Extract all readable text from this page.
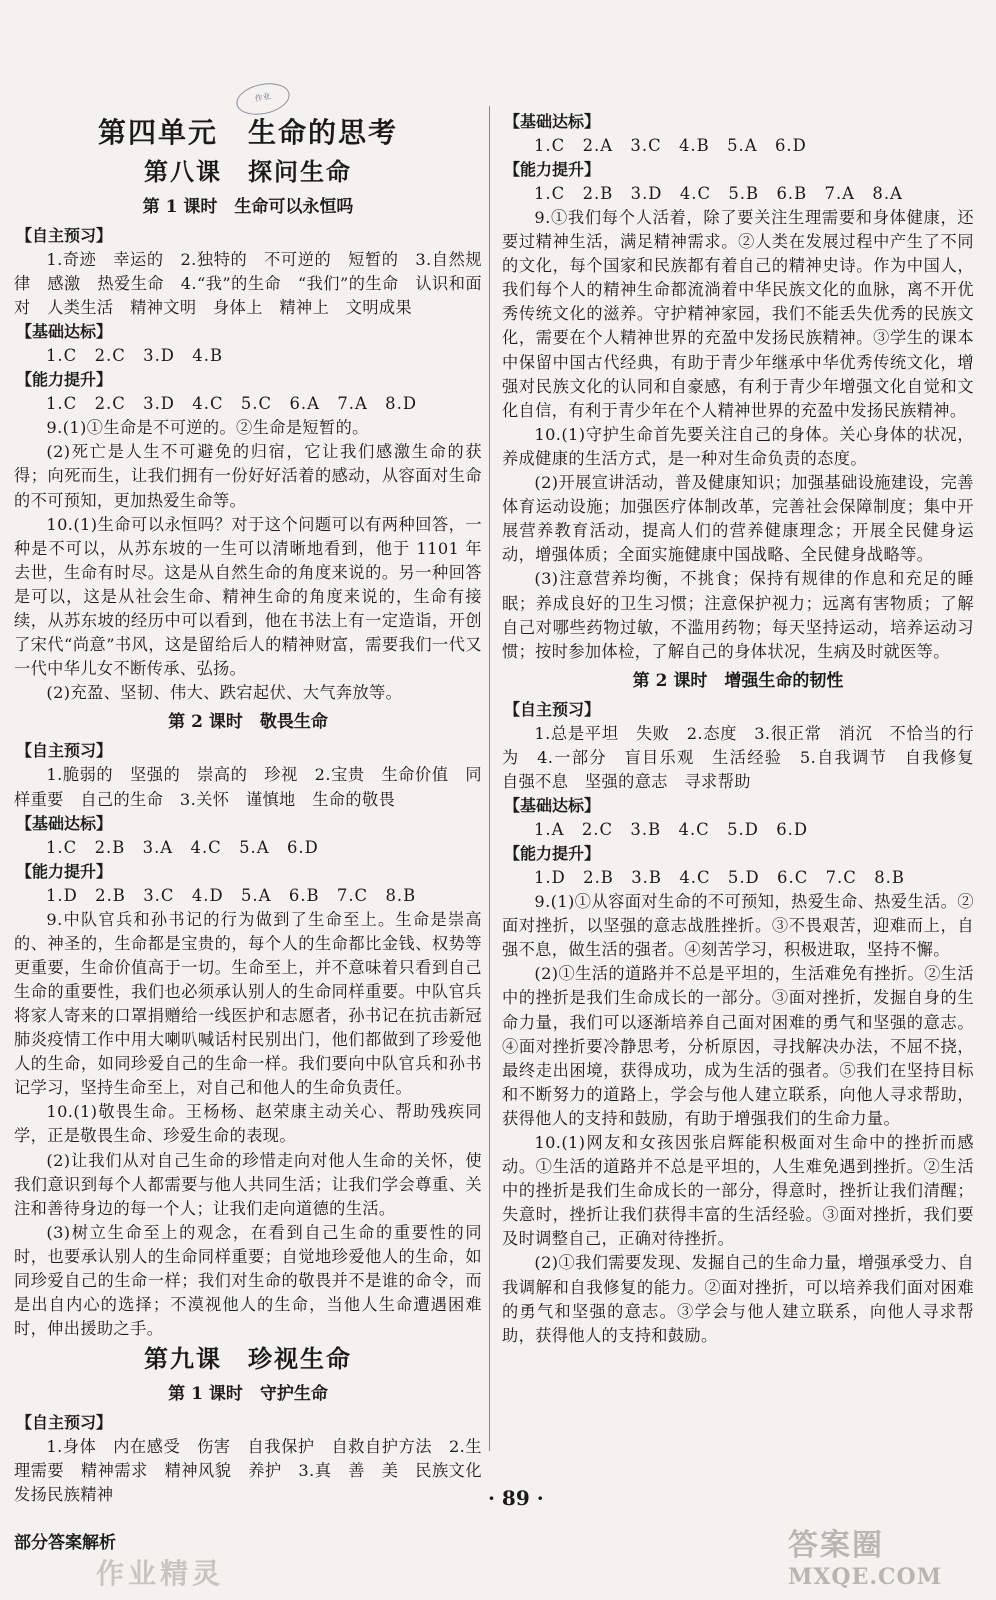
作业
第四单元　生命的思考
第八课　探问生命
第 1 课时　生命可以永恒吗
【自主预习】

1.奇迹　幸运的　2.独特的　不可逆的　短暂的　3.自然规律　感激　热爱生命　4.“我”的生命　“我们”的生命　认识和面对　人类生活　精神文明　身体上　精神上　文明成果

【基础达标】
1.C　2.C　3.D　4.B
【能力提升】
1.C　2.C　3.D　4.C　5.C　6.A　7.A　8.D

9.(1)①生命是不可逆的。②生命是短暂的。

(2)死亡是人生不可避免的归宿，它让我们感激生命的获得；向死而生，让我们拥有一份好好活着的感动，从容面对生命的不可预知，更加热爱生命等。

10.(1)生命可以永恒吗？对于这个问题可以有两种回答，一种是不可以，从苏东坡的一生可以清晰地看到，他于 1101 年去世，生命有时尽。这是从自然生命的角度来说的。另一种回答是可以，这是从社会生命、精神生命的角度来说的，生命有接续，从苏东坡的经历中可以看到，他在书法上有一定造诣，开创了宋代“尚意”书风，这是留给后人的精神财富，需要我们一代又一代中华儿女不断传承、弘扬。

(2)充盈、坚韧、伟大、跌宕起伏、大气奔放等。

第 2 课时　敬畏生命
【自主预习】

1.脆弱的　坚强的　崇高的　珍视　2.宝贵　生命价值　同样重要　自己的生命　3.关怀　谨慎地　生命的敬畏

【基础达标】
1.C　2.B　3.A　4.C　5.A　6.D
【能力提升】
1.D　2.B　3.C　4.D　5.A　6.B　7.C　8.B

9.中队官兵和孙书记的行为做到了生命至上。生命是崇高的、神圣的，生命都是宝贵的，每个人的生命都比金钱、权势等更重要，生命价值高于一切。生命至上，并不意味着只看到自己生命的重要性，我们也必须承认别人的生命同样重要。中队官兵将家人寄来的口罩捐赠给一线医护和志愿者，孙书记在抗击新冠肺炎疫情工作中用大喇叭喊话村民别出门，他们都做到了珍爱他人的生命，如同珍爱自己的生命一样。我们要向中队官兵和孙书记学习，坚持生命至上，对自己和他人的生命负责任。

10.(1)敬畏生命。王杨杨、赵荣康主动关心、帮助残疾同学，正是敬畏生命、珍爱生命的表现。

(2)让我们从对自己生命的珍惜走向对他人生命的关怀，使我们意识到每个人都需要与他人共同生活；让我们学会尊重、关注和善待身边的每一个人；让我们走向道德的生活。

(3)树立生命至上的观念，在看到自己生命的重要性的同时，也要承认别人的生命同样重要；自觉地珍爱他人的生命，如同珍爱自己的生命一样；我们对生命的敬畏并不是谁的命令，而是出自内心的选择；不漠视他人的生命，当他人生命遭遇困难时，伸出援助之手。

第九课　珍视生命
第 1 课时　守护生命
【自主预习】

1.身体　内在感受　伤害　自我保护　自救自护方法　2.生理需要　精神需求　精神风貌　养护　3.真　善　美　民族文化　发扬民族精神

【基础达标】
1.C　2.A　3.C　4.B　5.A　6.D
【能力提升】
1.C　2.B　3.D　4.C　5.B　6.B　7.A　8.A

9.①我们每个人活着，除了要关注生理需要和身体健康，还要过精神生活，满足精神需求。②人类在发展过程中产生了不同的文化，每个国家和民族都有着自己的精神史诗。作为中国人，我们每个人的精神生命都流淌着中华民族文化的血脉，离不开优秀传统文化的滋养。守护精神家园，我们不能丢失优秀的民族文化，需要在个人精神世界的充盈中发扬民族精神。③学生的课本中保留中国古代经典，有助于青少年继承中华优秀传统文化，增强对民族文化的认同和自豪感，有利于青少年增强文化自觉和文化自信，有利于青少年在个人精神世界的充盈中发扬民族精神。

10.(1)守护生命首先要关注自己的身体。关心身体的状况，养成健康的生活方式，是一种对生命负责的态度。

(2)开展宣讲活动，普及健康知识；加强基础设施建设，完善体育运动设施；加强医疗体制改革，完善社会保障制度；集中开展营养教育活动，提高人们的营养健康理念；开展全民健身运动，增强体质；全面实施健康中国战略、全民健身战略等。

(3)注意营养均衡，不挑食；保持有规律的作息和充足的睡眠；养成良好的卫生习惯；注意保护视力；远离有害物质；了解自己对哪些药物过敏，不滥用药物；每天坚持运动，培养运动习惯；按时参加体检，了解自己的身体状况，生病及时就医等。

第 2 课时　增强生命的韧性
【自主预习】

1.总是平坦　失败　2.态度　3.很正常　消沉　不恰当的行为　4.一部分　盲目乐观　生活经验　5.自我调节　自我修复　自强不息　坚强的意志　寻求帮助

【基础达标】
1.A　2.C　3.B　4.C　5.D　6.D
【能力提升】
1.D　2.B　3.B　4.C　5.D　6.C　7.C　8.B

9.(1)①从容面对生命的不可预知，热爱生命、热爱生活。②面对挫折，以坚强的意志战胜挫折。③不畏艰苦，迎难而上，自强不息，做生活的强者。④刻苦学习，积极进取，坚持不懈。

(2)①生活的道路并不总是平坦的，生活难免有挫折。②生活中的挫折是我们生命成长的一部分。③面对挫折，发掘自身的生命力量，我们可以逐渐培养自己面对困难的勇气和坚强的意志。④面对挫折要冷静思考，分析原因，寻找解决办法，不屈不挠，最终走出困境，获得成功，成为生活的强者。⑤我们在坚持目标和不断努力的道路上，学会与他人建立联系，向他人寻求帮助，获得他人的支持和鼓励，有助于增强我们的生命力量。

10.(1)网友和女孩因张启辉能积极面对生命中的挫折而感动。①生活的道路并不总是平坦的，人生难免遇到挫折。②生活中的挫折是我们生命成长的一部分，得意时，挫折让我们清醒；失意时，挫折让我们获得丰富的生活经验。③面对挫折，我们要及时调整自己，正确对待挫折。

(2)①我们需要发现、发掘自己的生命力量，增强承受力、自我调解和自我修复的能力。②面对挫折，可以培养我们面对困难的勇气和坚强的意志。③学会与他人建立联系，向他人寻求帮助，获得他人的支持和鼓励。

· 89 ·
部分答案解析
作业精灵
答案圈
MXQE.COM
